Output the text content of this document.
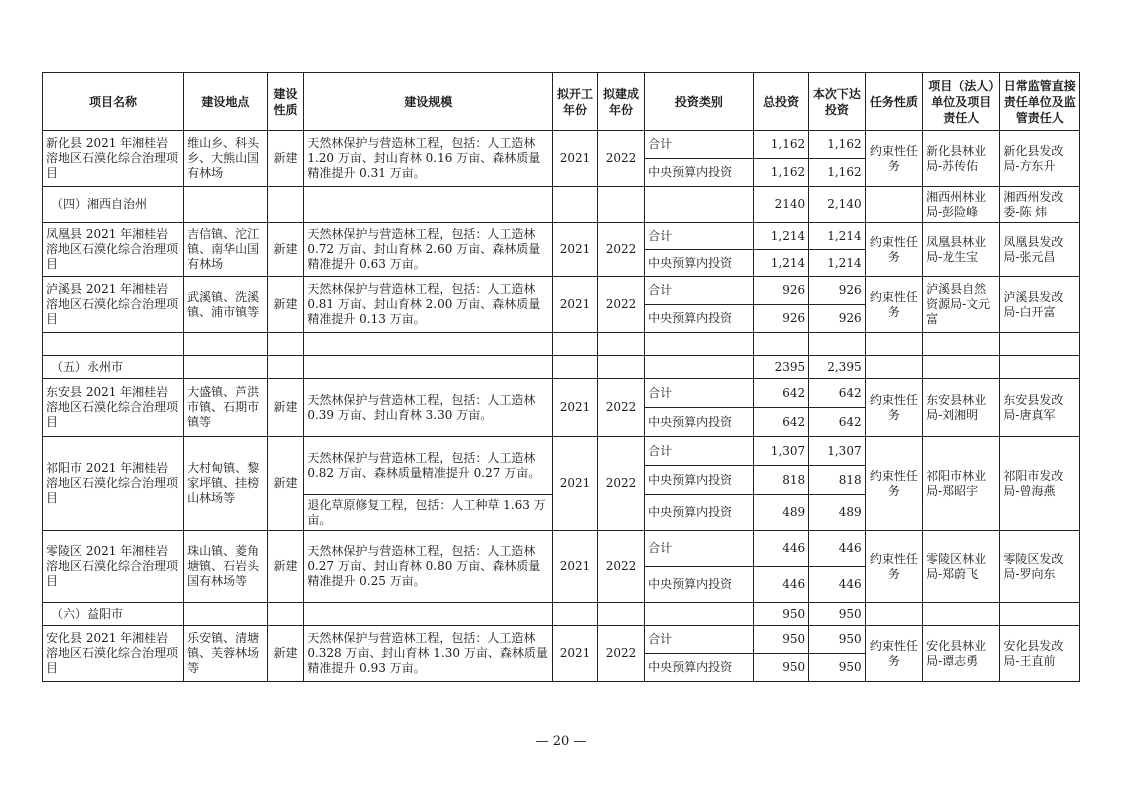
项目名称	建设地点	建设性质	建设规模	拟开工年份	拟建成年份	投资类别	总投资	本次下达投资	任务性质	项目（法人）单位及项目责任人	日常监管直接责任单位及监管责任人
新化县 2021 年湘桂岩溶地区石漠化综合治理项目	维山乡、科头乡、大熊山国有林场	新建	天然林保护与营造林工程，包括：人工造林 1.20 万亩、封山育林 0.16 万亩、森林质量精准提升 0.31 万亩。	2021	2022	合计	1,162	1,162	约束性任务	新化县林业局-苏传佑	新化县发改局-方东升
						中央预算内投资	1,162	1,162			
（四）湘西自治州							2140	2,140		湘西州林业局-彭险峰	湘西州发改委-陈 炜
凤凰县 2021 年湘桂岩溶地区石漠化综合治理项目	吉信镇、沱江镇、南华山国有林场	新建	天然林保护与营造林工程，包括：人工造林 0.72 万亩、封山育林 2.60 万亩、森林质量精准提升 0.63 万亩。	2021	2022	合计	1,214	1,214	约束性任务	凤凰县林业局-龙生宝	凤凰县发改局-张元昌
						中央预算内投资	1,214	1,214			
泸溪县 2021 年湘桂岩溶地区石漠化综合治理项目	武溪镇、洗溪镇、浦市镇等	新建	天然林保护与营造林工程，包括：人工造林 0.81 万亩、封山育林 2.00 万亩、森林质量精准提升 0.13 万亩。	2021	2022	合计	926	926	约束性任务	泸溪县自然资源局-文元富	泸溪县发改局-白开富
						中央预算内投资	926	926			

（五）永州市							2395	2,395			
东安县 2021 年湘桂岩溶地区石漠化综合治理项目	大盛镇、芦洪市镇、石期市镇等	新建	天然林保护与营造林工程，包括：人工造林 0.39 万亩、封山育林 3.30 万亩。	2021	2022	合计	642	642	约束性任务	东安县林业局-刘湘明	东安县发改局-唐真军
						中央预算内投资	642	642			
祁阳市 2021 年湘桂岩溶地区石漠化综合治理项目	大村甸镇、黎家坪镇、挂榜山林场等	新建	天然林保护与营造林工程，包括：人工造林 0.82 万亩、森林质量精准提升 0.27 万亩。	2021	2022	合计	1,307	1,307	约束性任务	祁阳市林业局-郑昭宇	祁阳市发改局-曾海燕
						中央预算内投资	818	818			
			退化草原修复工程，包括：人工种草 1.63 万亩。			中央预算内投资	489	489			
零陵区 2021 年湘桂岩溶地区石漠化综合治理项目	珠山镇、菱角塘镇、石岩头国有林场等	新建	天然林保护与营造林工程，包括：人工造林 0.27 万亩、封山育林 0.80 万亩、森林质量精准提升 0.25 万亩。	2021	2022	合计	446	446	约束性任务	零陵区林业局-郑蔚飞	零陵区发改局-罗向东
						中央预算内投资	446	446			
（六）益阳市							950	950			
安化县 2021 年湘桂岩溶地区石漠化综合治理项目	乐安镇、清塘镇、芙蓉林场等	新建	天然林保护与营造林工程，包括：人工造林 0.328 万亩、封山育林 1.30 万亩、森林质量精准提升 0.93 万亩。	2021	2022	合计	950	950	约束性任务	安化县林业局-谭志勇	安化县发改局-王直前
						中央预算内投资	950	950			
— 20 —
